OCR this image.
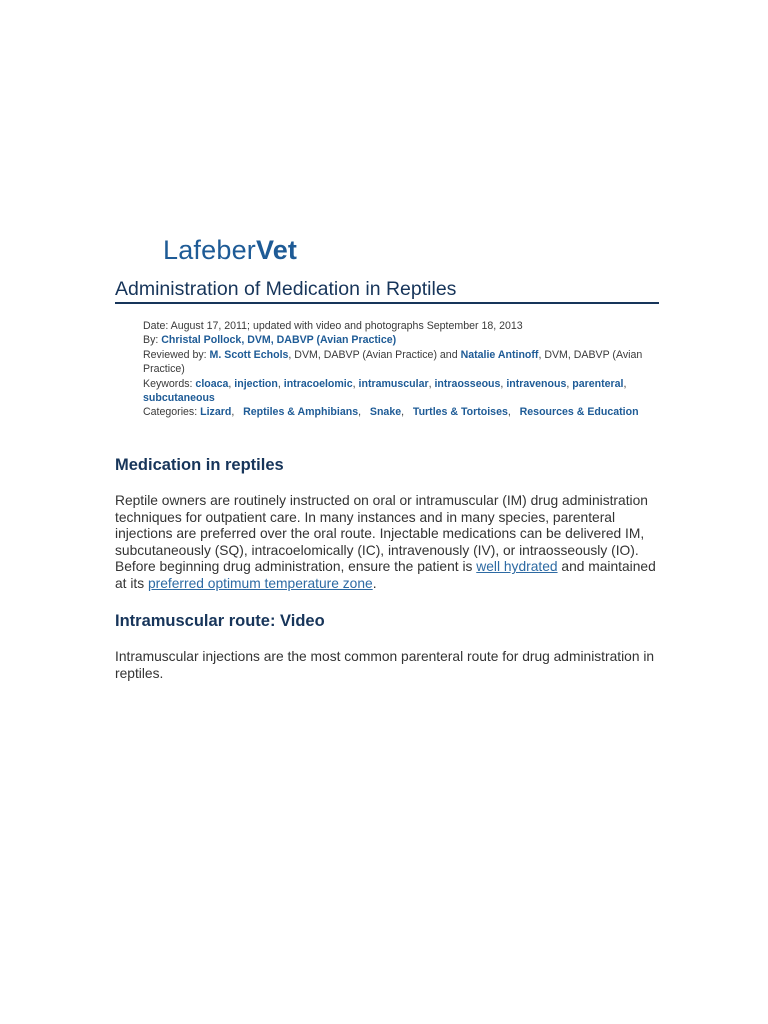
LafeberVet
Administration of Medication in Reptiles
Date: August 17, 2011; updated with video and photographs September 18, 2013
By: Christal Pollock, DVM, DABVP (Avian Practice)
Reviewed by: M. Scott Echols, DVM, DABVP (Avian Practice) and Natalie Antinoff, DVM, DABVP (Avian Practice)
Keywords: cloaca, injection, intracoelomic, intramuscular, intraosseous, intravenous, parenteral, subcutaneous
Categories: Lizard,   Reptiles & Amphibians,   Snake,   Turtles & Tortoises,   Resources & Education
Medication in reptiles
Reptile owners are routinely instructed on oral or intramuscular (IM) drug administration techniques for outpatient care. In many instances and in many species, parenteral injections are preferred over the oral route. Injectable medications can be delivered IM, subcutaneously (SQ), intracoelomically (IC), intravenously (IV), or intraosseously (IO). Before beginning drug administration, ensure the patient is well hydrated and maintained at its preferred optimum temperature zone.
Intramuscular route: Video
Intramuscular injections are the most common parenteral route for drug administration in reptiles.
